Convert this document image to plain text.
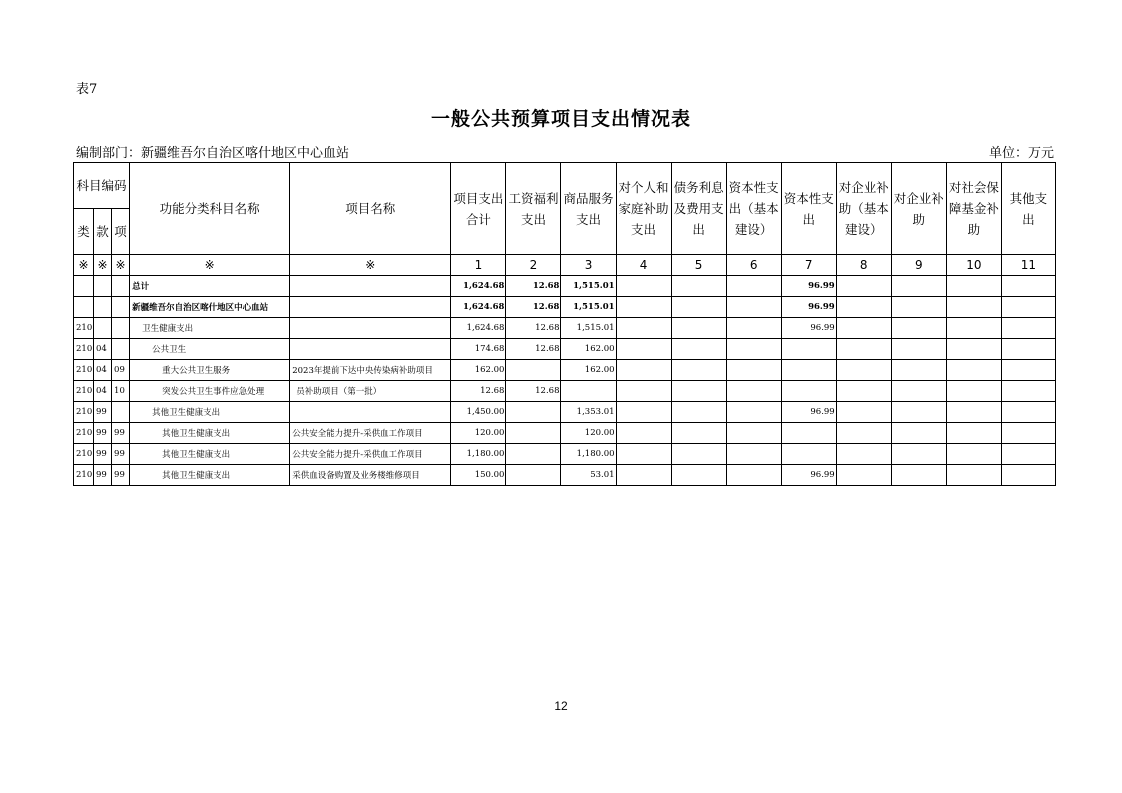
表7
一般公共预算项目支出情况表
编制部门：新疆维吾尔自治区喀什地区中心血站	单位：万元
科目编码			功能分类科目名称	项目名称	项目支出合计	工资福利支出	商品服务支出	对个人和家庭补助支出	债务利息及费用支出	资本性支出（基本建设）	资本性支出	对企业补助（基本建设）	对企业补助	对社会保障基金补助	其他支出
类	款	项													
※	※	※	※	※	1	2	3	4	5	6	7	8	9	10	11
			总计		1,624.68	12.68	1,515.01				96.99				
			新疆维吾尔自治区喀什地区中心血站		1,624.68	12.68	1,515.01				96.99				
210			卫生健康支出		1,624.68	12.68	1,515.01				96.99				
210	04		公共卫生		174.68	12.68	162.00								
210	04	09	重大公共卫生服务	2023年提前下达中央传染病补助项目	162.00		162.00								
210	04	10	突发公共卫生事件应急处理	员补助项目（第一批）	12.68	12.68									
210	99		其他卫生健康支出		1,450.00		1,353.01				96.99				
210	99	99	其他卫生健康支出	公共安全能力提升-采供血工作项目	120.00		120.00								
210	99	99	其他卫生健康支出	公共安全能力提升-采供血工作项目	1,180.00		1,180.00								
210	99	99	其他卫生健康支出	采供血设备购置及业务楼维修项目	150.00		53.01				96.99				
12
